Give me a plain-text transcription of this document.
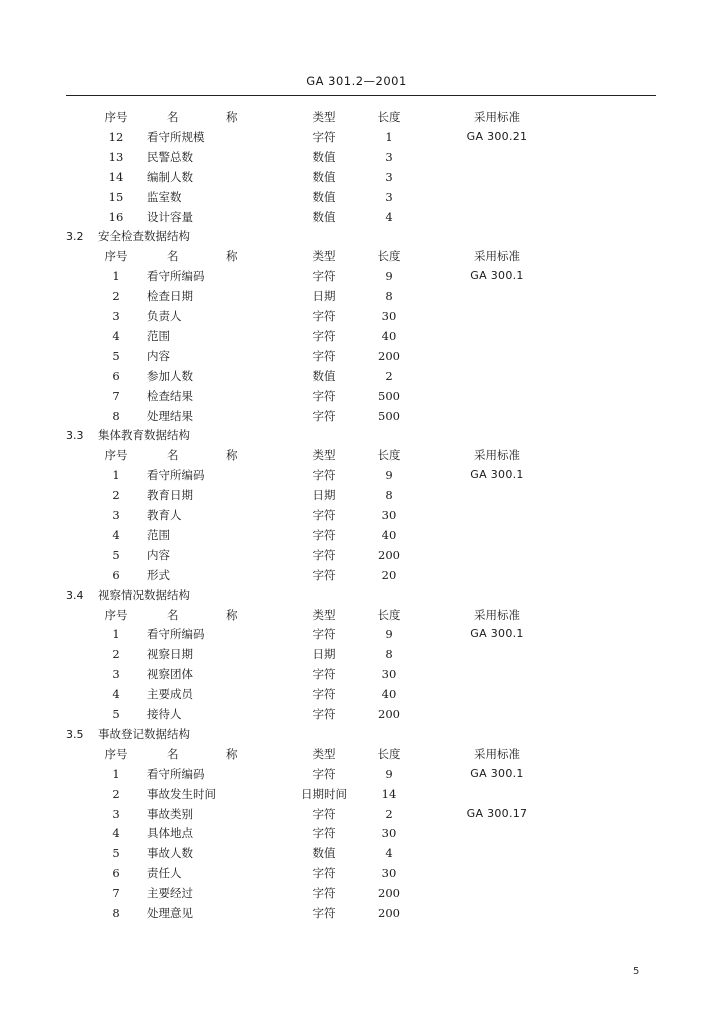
GA 301.2—2001
序号	名　称	类型	长度	采用标准
12	看守所规模	字符	1	GA 300.21
13	民警总数	数值	3
14	编制人数	数值	3
15	监室数	数值	3
16	设计容量	数值	4
3.2 安全检查数据结构
序号	名　称	类型	长度	采用标准
1	看守所编码	字符	9	GA 300.1
2	检查日期	日期	8
3	负责人	字符	30
4	范围	字符	40
5	内容	字符	200
6	参加人数	数值	2
7	检查结果	字符	500
8	处理结果	字符	500
3.3 集体教育数据结构
序号	名　称	类型	长度	采用标准
1	看守所编码	字符	9	GA 300.1
2	教育日期	日期	8
3	教育人	字符	30
4	范围	字符	40
5	内容	字符	200
6	形式	字符	20
3.4 视察情况数据结构
序号	名　称	类型	长度	采用标准
1	看守所编码	字符	9	GA 300.1
2	视察日期	日期	8
3	视察团体	字符	30
4	主要成员	字符	40
5	接待人	字符	200
3.5 事故登记数据结构
序号	名　称	类型	长度	采用标准
1	看守所编码	字符	9	GA 300.1
2	事故发生时间	日期时间	14
3	事故类别	字符	2	GA 300.17
4	具体地点	字符	30
5	事故人数	数值	4
6	责任人	字符	30
7	主要经过	字符	200
8	处理意见	字符	200
5
